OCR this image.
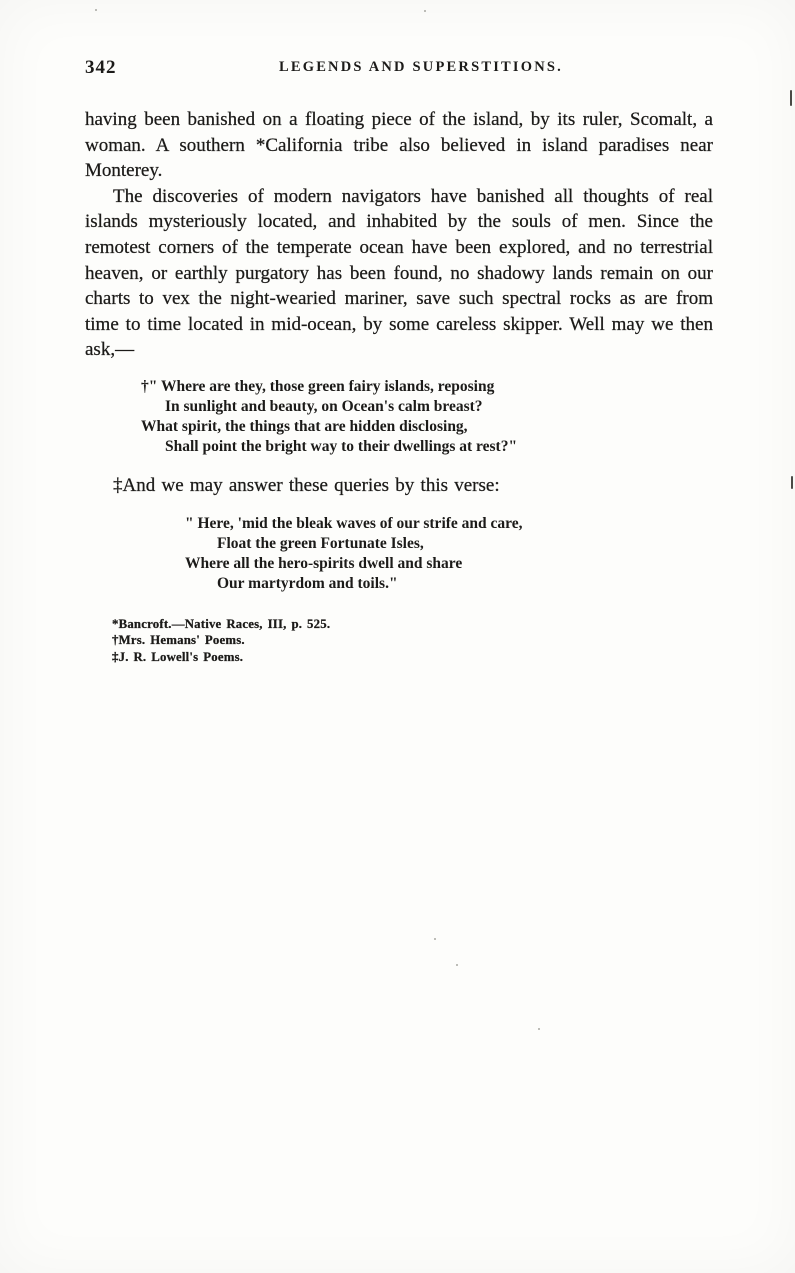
342	LEGENDS AND SUPERSTITIONS.

having been banished on a floating piece of the island, by its ruler, Scomalt, a woman. A southern *California tribe also believed in island paradises near Monterey.

The discoveries of modern navigators have banished all thoughts of real islands mysteriously located, and inhabited by the souls of men. Since the remotest corners of the temperate ocean have been explored, and no terrestrial heaven, or earthly purgatory has been found, no shadowy lands remain on our charts to vex the night-wearied mariner, save such spectral rocks as are from time to time located in mid-ocean, by some careless skipper. Well may we then ask,—

†" Where are they, those green fairy islands, reposing
In sunlight and beauty, on Ocean's calm breast?
What spirit, the things that are hidden disclosing,
Shall point the bright way to their dwellings at rest?"

‡And we may answer these queries by this verse:

" Here, 'mid the bleak waves of our strife and care,
Float the green Fortunate Isles,
Where all the hero-spirits dwell and share
Our martyrdom and toils."
*Bancroft.—Native Races, III, p. 525.
†Mrs. Hemans' Poems.
‡J. R. Lowell's Poems.
